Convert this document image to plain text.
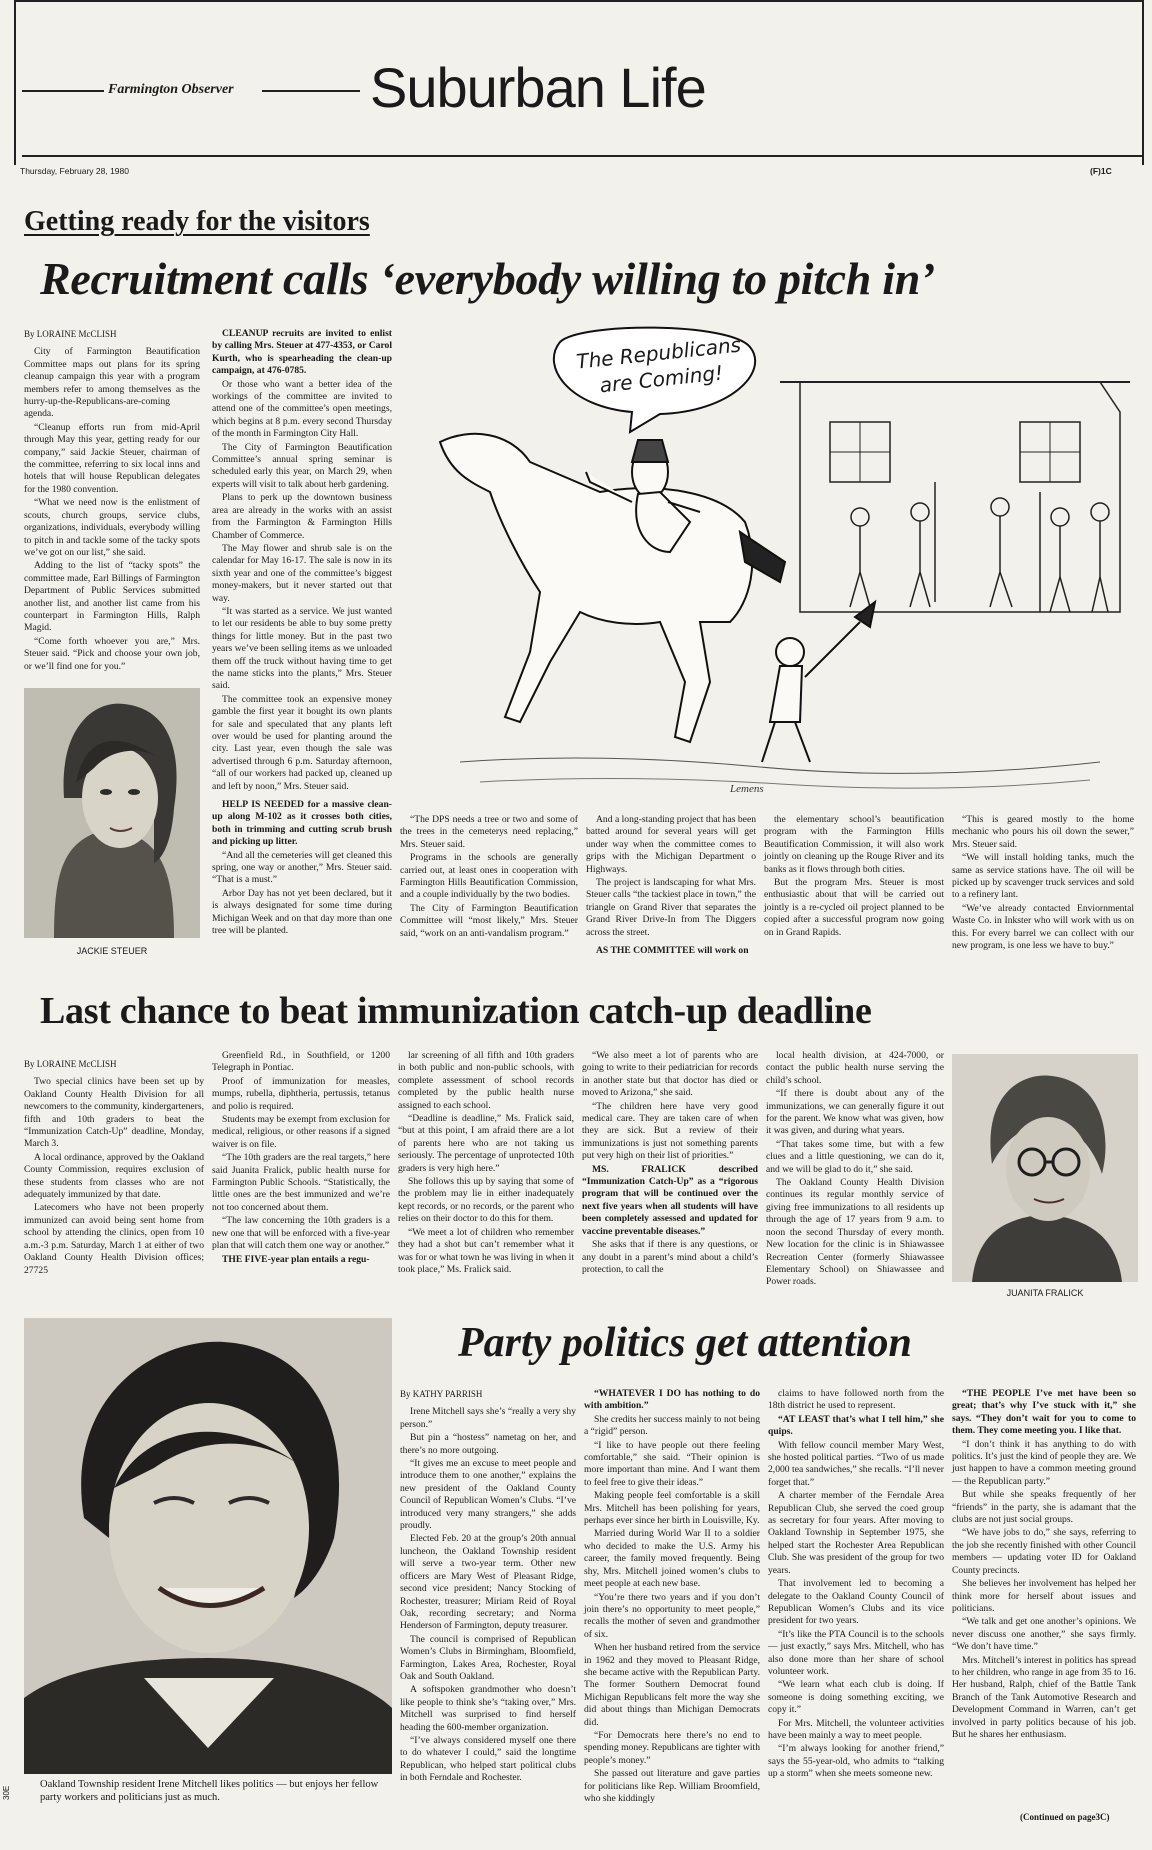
Farmington Observer Suburban Life
Thursday, February 28, 1980	(F)1C
Getting ready for the visitors
Recruitment calls ‘everybody willing to pitch in’

By LORAINE McCLISH

City of Farmington Beautification Committee maps out plans for its spring cleanup campaign this year with a program members refer to among themselves as the hurry-up-the-Republicans-are-coming agenda.

“Cleanup efforts run from mid-April through May this year, getting ready for our company,” said Jackie Steuer, chairman of the committee, referring to six local inns and hotels that will house Republican delegates for the 1980 convention.

“What we need now is the enlistment of scouts, church groups, service clubs, organizations, individuals, everybody willing to pitch in and tackle some of the tacky spots we’ve got on our list,” she said.

Adding to the list of “tacky spots” the committee made, Earl Billings of Farmington Department of Public Services submitted another list, and another list came from his counterpart in Farmington Hills, Ralph Magid.

“Come forth whoever you are,” Mrs. Steuer said. “Pick and choose your own job, or we’ll find one for you.”

JACKIE STEUER

CLEANUP recruits are invited to enlist by calling Mrs. Steuer at 477-4353, or Carol Kurth, who is spearheading the clean-up campaign, at 476-0785.

Or those who want a better idea of the workings of the committee are invited to attend one of the committee’s open meetings, which begins at 8 p.m. every second Thursday of the month in Farmington City Hall.

The City of Farmington Beautification Committee’s annual spring seminar is scheduled early this year, on March 29, when experts will visit to talk about herb gardening.

Plans to perk up the downtown business area are already in the works with an assist from the Farmington & Farmington Hills Chamber of Commerce.

The May flower and shrub sale is on the calendar for May 16-17. The sale is now in its sixth year and one of the committee’s biggest money-makers, but it never started out that way.

“It was started as a service. We just wanted to let our residents be able to buy some pretty things for little money. But in the past two years we’ve been selling items as we unloaded them off the truck without having time to get the name sticks into the plants,” Mrs. Steuer said.

The committee took an expensive money gamble the first year it bought its own plants for sale and speculated that any plants left over would be used for planting around the city. Last year, even though the sale was advertised through 6 p.m. Saturday afternoon, “all of our workers had packed up, cleaned up and left by noon,” Mrs. Steuer said.

HELP IS NEEDED for a massive clean-up along M-102 as it crosses both cities, both in trimming and cutting scrub brush and picking up litter.

“And all the cemeteries will get cleaned this spring, one way or another,” Mrs. Steuer said. “That is a must.”

Arbor Day has not yet been declared, but it is always designated for some time during Michigan Week and on that day more than one tree will be planted.

Lemens
The Republicans are Coming!

“The DPS needs a tree or two and some of the trees in the cemeterys need replacing,” Mrs. Steuer said.

Programs in the schools are generally carried out, at least ones in cooperation with Farmington Hills Beautification Commission, and a couple individually by the two bodies.

The City of Farmington Beautification Committee will “most likely,” Mrs. Steuer said, “work on an anti-vandalism program.”

And a long-standing project that has been batted around for several years will get under way when the committee comes to grips with the Michigan Department o Highways.

The project is landscaping for what Mrs. Steuer calls “the tackiest place in town,” the triangle on Grand River that separates the Grand River Drive-In from The Diggers across the street.

AS THE COMMITTEE will work on

the elementary school’s beautification program with the Farmington Hills Beautification Commission, it will also work jointly on cleaning up the Rouge River and its banks as it flows through both cities.

But the program Mrs. Steuer is most enthusiastic about that will be carried out jointly is a re-cycled oil project planned to be copied after a successful program now going on in Grand Rapids.

“This is geared mostly to the home mechanic who pours his oil down the sewer,” Mrs. Steuer said.

“We will install holding tanks, much the same as service stations have. The oil will be picked up by scavenger truck services and sold to a refinery lant.

“We’ve already contacted Enviornmental Waste Co. in Inkster who will work with us on this. For every barrel we can collect with our new program, is one less we have to buy.”

Last chance to beat immunization catch-up deadline

By LORAINE McCLISH

Two special clinics have been set up by Oakland County Health Division for all newcomers to the community, kindergarteners, fifth and 10th graders to beat the “Immunization Catch-Up” deadline, Monday, March 3.

A local ordinance, approved by the Oakland County Commission, requires exclusion of these students from classes who are not adequately immunized by that date.

Latecomers who have not been properly immunized can avoid being sent home from school by attending the clinics, open from 10 a.m.-3 p.m. Saturday, March 1 at either of two Oakland County Health Division offices; 27725

Greenfield Rd., in Southfield, or 1200 Telegraph in Pontiac.

Proof of immunization for measles, mumps, rubella, diphtheria, pertussis, tetanus and polio is required.

Students may be exempt from exclusion for medical, religious, or other reasons if a signed waiver is on file.

“The 10th graders are the real targets,” here said Juanita Fralick, public health nurse for Farmington Public Schools. “Statistically, the little ones are the best immunized and we’re not too concerned about them.

“The law concerning the 10th graders is a new one that will be enforced with a five-year plan that will catch them one way or another.”

THE FIVE-year plan entails a regu-

lar screening of all fifth and 10th graders in both public and non-public schools, with complete assessment of school records completed by the public health nurse assigned to each school.

“Deadline is deadline,” Ms. Fralick said, “but at this point, I am afraid there are a lot of parents here who are not taking us seriously. The percentage of unprotected 10th graders is very high here.”

She follows this up by saying that some of the problem may lie in either inadequately kept records, or no records, or the parent who relies on their doctor to do this for them.

“We meet a lot of children who remember they had a shot but can’t remember what it was for or what town he was living in when it took place,” Ms. Fralick said.

“We also meet a lot of parents who are going to write to their pediatrician for records in another state but that doctor has died or moved to Arizona,” she said.

“The children here have very good medical care. They are taken care of when they are sick. But a review of their immunizations is just not something parents put very high on their list of priorities.”

MS. FRALICK described “Immunization Catch-Up” as a “rigorous program that will be continued over the next five years when all students will have been completely assessed and updated for vaccine preventable diseases.”

She asks that if there is any questions, or any doubt in a parent’s mind about a child’s protection, to call the

local health division, at 424-7000, or contact the public health nurse serving the child’s school.

“If there is doubt about any of the immunizations, we can generally figure it out for the parent. We know what was given, how it was given, and during what years.

“That takes some time, but with a few clues and a little questioning, we can do it, and we will be glad to do it,” she said.

The Oakland County Health Division continues its regular monthly service of giving free immunizations to all residents up through the age of 17 years from 9 a.m. to noon the second Thursday of every month. New location for the clinic is in Shiawassee Recreation Center (formerly Shiawassee Elementary School) on Shiawassee and Power roads.

JUANITA FRALICK
Oakland Township resident Irene Mitchell likes politics — but enjoys her fellow party workers and politicians just as much.
30E
Party politics get attention

By KATHY PARRISH

Irene Mitchell says she’s “really a very shy person.”

But pin a “hostess” nametag on her, and there’s no more outgoing.

“It gives me an excuse to meet people and introduce them to one another,” explains the new president of the Oakland County Council of Republican Women’s Clubs. “I’ve introduced very many strangers,” she adds proudly.

Elected Feb. 20 at the group’s 20th annual luncheon, the Oakland Township resident will serve a two-year term. Other new officers are Mary West of Pleasant Ridge, second vice president; Nancy Stocking of Rochester, treasurer; Miriam Reid of Royal Oak, recording secretary; and Norma Henderson of Farmington, deputy treasurer.

The council is comprised of Republican Women’s Clubs in Birmingham, Bloomfield, Farmington, Lakes Area, Rochester, Royal Oak and South Oakland.

A softspoken grandmother who doesn’t like people to think she’s “taking over,” Mrs. Mitchell was surprised to find herself heading the 600-member organization.

“I’ve always considered myself one there to do whatever I could,” said the longtime Republican, who helped start political clubs in both Ferndale and Rochester.

“WHATEVER I DO has nothing to do with ambition.”

She credits her success mainly to not being a “rigid” person.

“I like to have people out there feeling comfortable,” she said. “Their opinion is more important than mine. And I want them to feel free to give their ideas.”

Making people feel comfortable is a skill Mrs. Mitchell has been polishing for years, perhaps ever since her birth in Louisville, Ky.

Married during World War II to a soldier who decided to make the U.S. Army his career, the family moved frequently. Being shy, Mrs. Mitchell joined women’s clubs to meet people at each new base.

“You’re there two years and if you don’t join there’s no opportunity to meet people,” recalls the mother of seven and grandmother of six.

When her husband retired from the service in 1962 and they moved to Pleasant Ridge, she became active with the Republican Party. The former Southern Democrat found Michigan Republicans felt more the way she did about things than Michigan Democrats did.

“For Democrats here there’s no end to spending money. Republicans are tighter with people’s money.”

She passed out literature and gave parties for politicians like Rep. William Broomfield, who she kiddingly

claims to have followed north from the 18th district he used to represent.

“AT LEAST that’s what I tell him,” she quips.

With fellow council member Mary West, she hosted political parties. “Two of us made 2,000 tea sandwiches,” she recalls. “I’ll never forget that.”

A charter member of the Ferndale Area Republican Club, she served the coed group as secretary for four years. After moving to Oakland Township in September 1975, she helped start the Rochester Area Republican Club. She was president of the group for two years.

That involvement led to becoming a delegate to the Oakland County Council of Republican Women’s Clubs and its vice president for two years.

“It’s like the PTA Council is to the schools — just exactly,” says Mrs. Mitchell, who has also done more than her share of school volunteer work.

“We learn what each club is doing. If someone is doing something exciting, we copy it.”

For Mrs. Mitchell, the volunteer activities have been mainly a way to meet people.

“I’m always looking for another friend,” says the 55-year-old, who admits to “talking up a storm” when she meets someone new.

“THE PEOPLE I’ve met have been so great; that’s why I’ve stuck with it,” she says. “They don’t wait for you to come to them. They come meeting you. I like that.

“I don’t think it has anything to do with politics. It’s just the kind of people they are. We just happen to have a common meeting ground — the Republican party.”

But while she speaks frequently of her “friends” in the party, she is adamant that the clubs are not just social groups.

“We have jobs to do,” she says, referring to the job she recently finished with other Council members — updating voter ID for Oakland County precincts.

She believes her involvement has helped her think more for herself about issues and politicians.

“We talk and get one another’s opinions. We never discuss one another,” she says firmly. “We don’t have time.”

Mrs. Mitchell’s interest in politics has spread to her children, who range in age from 35 to 16. Her husband, Ralph, chief of the Battle Tank Branch of the Tank Automotive Research and Development Command in Warren, can’t get involved in party politics because of his job. But he shares her enthusiasm.

(Continued on page3C)
